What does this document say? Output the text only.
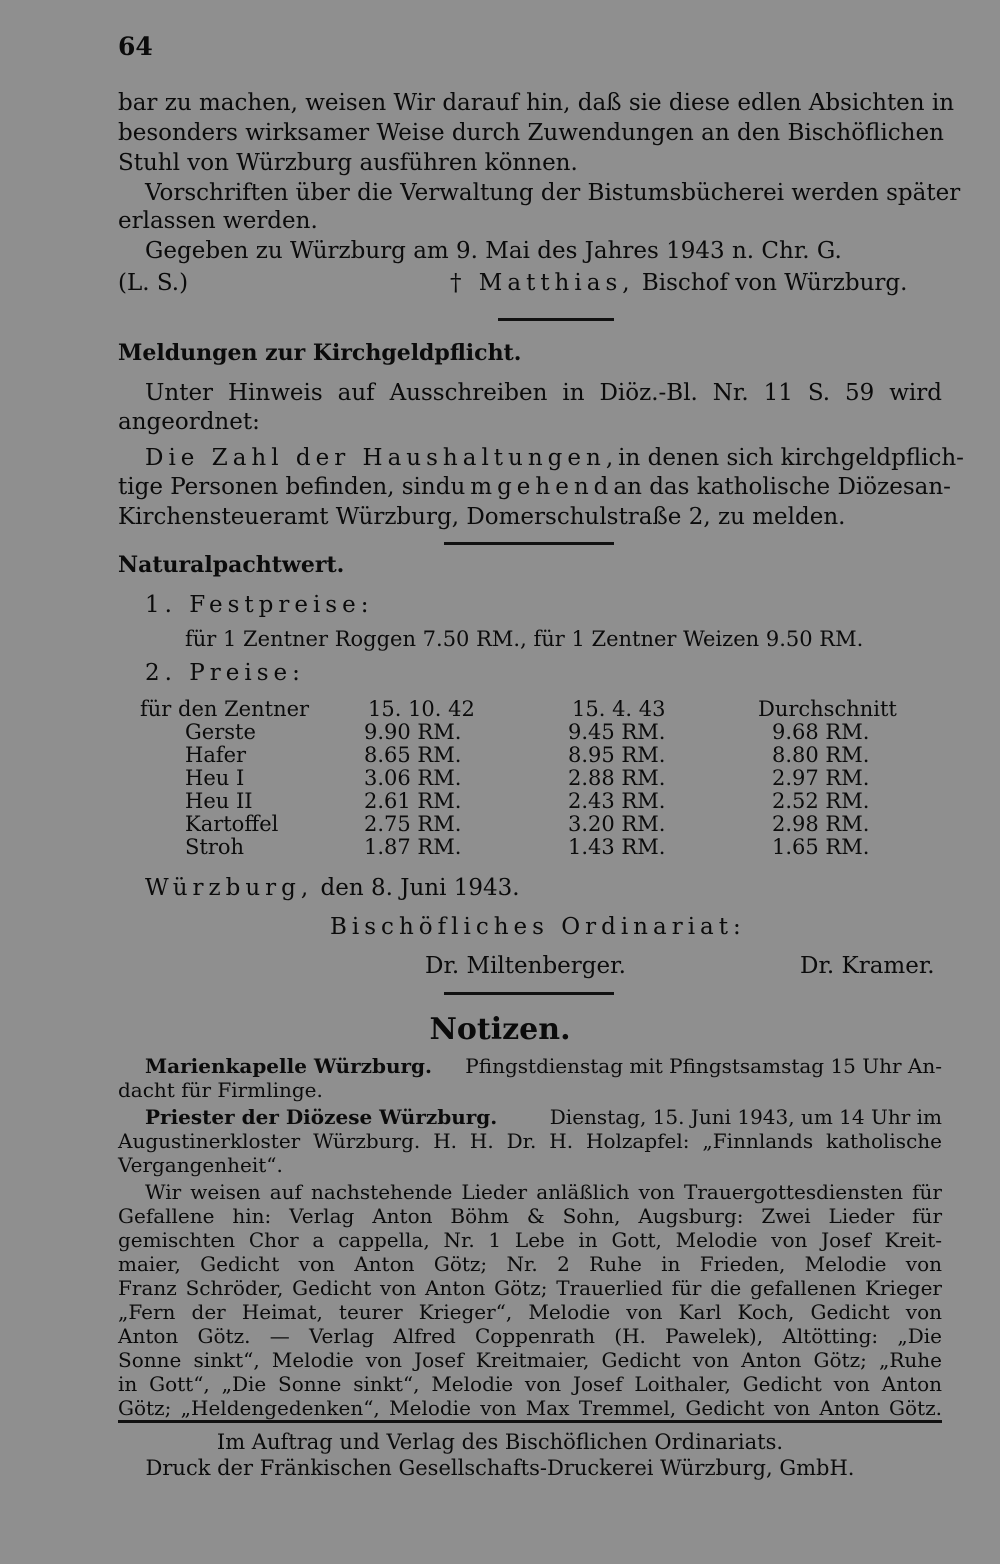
64
bar zu machen, weisen Wir darauf hin, daß sie diese edlen Absichten in
besonders wirksamer Weise durch Zuwendungen an den Bischöflichen
Stuhl von Würzburg ausführen können.
Vorschriften über die Verwaltung der Bistumsbücherei werden später
erlassen werden.
Gegeben zu Würzburg am 9. Mai des Jahres 1943 n. Chr. G.
(L. S.)	† Matthias, Bischof von Würzburg.
Meldungen zur Kirchgeldpflicht.
Unter Hinweis auf Ausschreiben in Diöz.-Bl. Nr. 11 S. 59 wird
angeordnet:
Die Zahl der Haushaltungen, in denen sich kirchgeldpflich-
tige Personen befinden, sind umgehend an das katholische Diözesan-
Kirchensteueramt Würzburg, Domerschulstraße 2, zu melden.
Naturalpachtwert.
1. Festpreise:
für 1 Zentner Roggen 7.50 RM., für 1 Zentner Weizen 9.50 RM.
2. Preise:
für den Zentner	15. 10. 42	15. 4. 43	Durchschnitt
Gerste	9.90 RM.	9.45 RM.	9.68 RM.
Hafer	8.65 RM.	8.95 RM.	8.80 RM.
Heu I	3.06 RM.	2.88 RM.	2.97 RM.
Heu II	2.61 RM.	2.43 RM.	2.52 RM.
Kartoffel	2.75 RM.	3.20 RM.	2.98 RM.
Stroh	1.87 RM.	1.43 RM.	1.65 RM.
Würzburg, den 8. Juni 1943.
Bischöfliches Ordinariat:
Dr. Miltenberger.	Dr. Kramer.
Notizen.
Marienkapelle Würzburg. Pfingstdienstag mit Pfingstsamstag 15 Uhr An-
dacht für Firmlinge.
Priester der Diözese Würzburg.	Dienstag, 15. Juni 1943, um 14 Uhr im
Augustinerkloster Würzburg. H. H. Dr. H. Holzapfel: „Finnlands katholische
Vergangenheit“.
Wir weisen auf nachstehende Lieder anläßlich von Trauergottesdiensten für
Gefallene hin: Verlag Anton Böhm & Sohn, Augsburg: Zwei Lieder für
gemischten Chor a cappella, Nr. 1 Lebe in Gott, Melodie von Josef Kreit-
maier, Gedicht von Anton Götz; Nr. 2 Ruhe in Frieden, Melodie von
Franz Schröder, Gedicht von Anton Götz; Trauerlied für die gefallenen Krieger
„Fern der Heimat, teurer Krieger“, Melodie von Karl Koch, Gedicht von
Anton Götz. — Verlag Alfred Coppenrath (H. Pawelek), Altötting: „Die
Sonne sinkt“, Melodie von Josef Kreitmaier, Gedicht von Anton Götz; „Ruhe
in Gott“, „Die Sonne sinkt“, Melodie von Josef Loithaler, Gedicht von Anton
Götz; „Heldengedenken“, Melodie von Max Tremmel, Gedicht von Anton Götz.
Im Auftrag und Verlag des Bischöflichen Ordinariats.
Druck der Fränkischen Gesellschafts-Druckerei Würzburg, GmbH.
